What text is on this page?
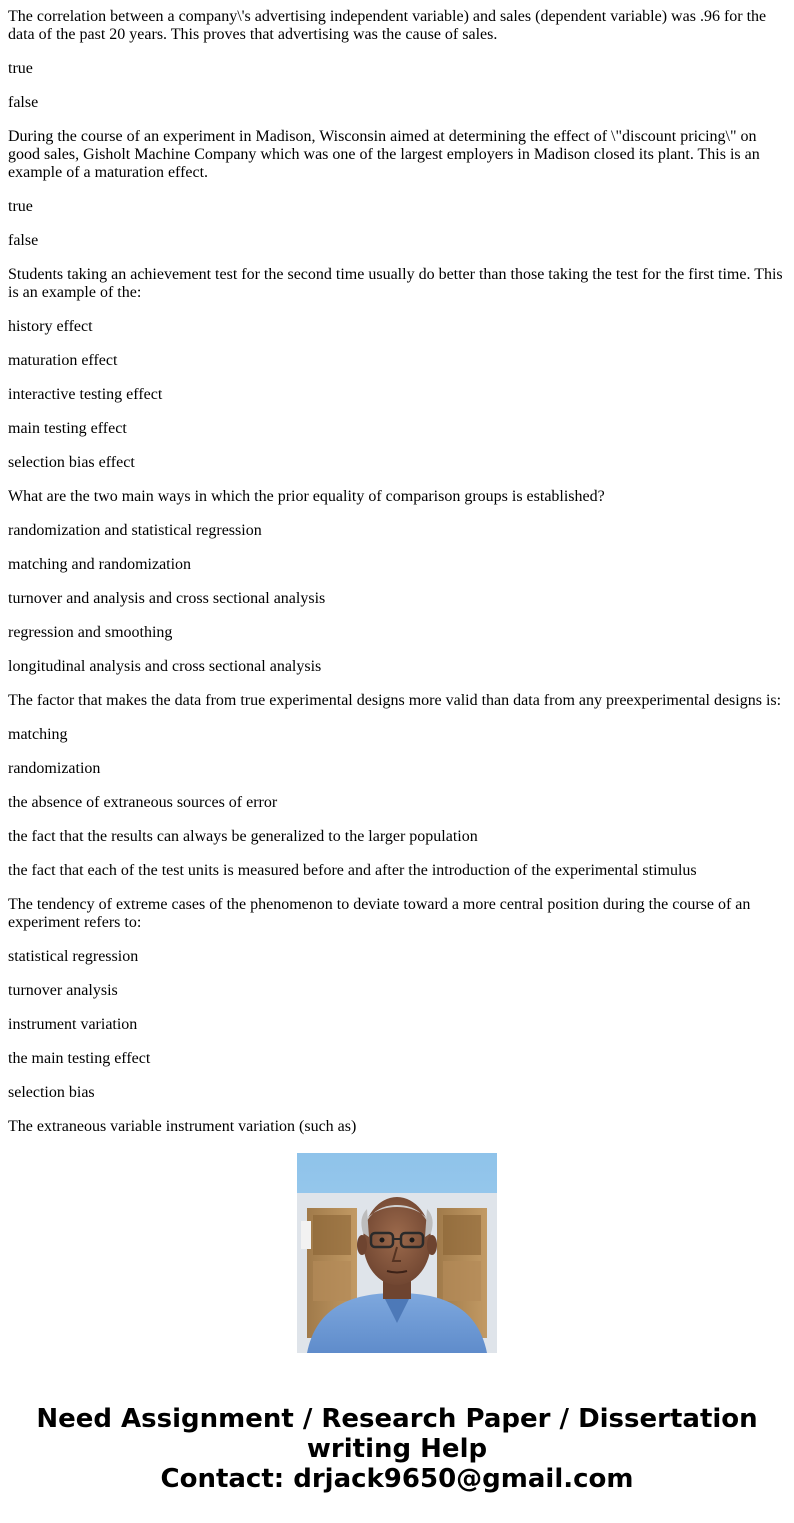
The correlation between a company\'s advertising independent variable) and sales (dependent variable) was .96 for the data of the past 20 years. This proves that advertising was the cause of sales.

true

false

During the course of an experiment in Madison, Wisconsin aimed at determining the effect of \"discount pricing\" on good sales, Gisholt Machine Company which was one of the largest employers in Madison closed its plant. This is an example of a maturation effect.

true

false

Students taking an achievement test for the second time usually do better than those taking the test for the first time. This is an example of the:

history effect

maturation effect

interactive testing effect

main testing effect

selection bias effect

What are the two main ways in which the prior equality of comparison groups is established?

randomization and statistical regression

matching and randomization

turnover and analysis and cross sectional analysis

regression and smoothing

longitudinal analysis and cross sectional analysis

The factor that makes the data from true experimental designs more valid than data from any preexperimental designs is:

matching

randomization

the absence of extraneous sources of error

the fact that the results can always be generalized to the larger population

the fact that each of the test units is measured before and after the introduction of the experimental stimulus

The tendency of extreme cases of the phenomenon to deviate toward a more central position during the course of an experiment refers to:

statistical regression

turnover analysis

instrument variation

the main testing effect

selection bias

The extraneous variable instrument variation (such as)

Need Assignment / Research Paper / Dissertation
writing Help
Contact: drjack9650@gmail.com
